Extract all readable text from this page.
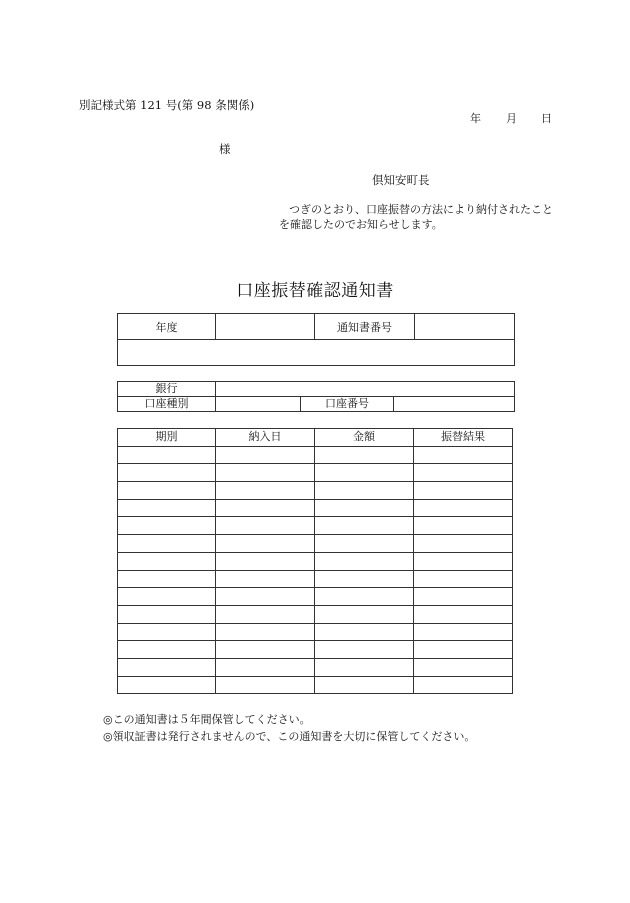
別記様式第 121 号(第 98 条関係)
年 月 日
様
倶知安町長
つぎのとおり、口座振替の方法により納付されたこと
を確認したのでお知らせします。
口座振替確認通知書
年度		通知書番号	

銀行			
口座種別		口座番号	
期別	納入日	金額	振替結果

◎この通知書は５年間保管してください。
◎領収証書は発行されませんので、この通知書を大切に保管してください。
